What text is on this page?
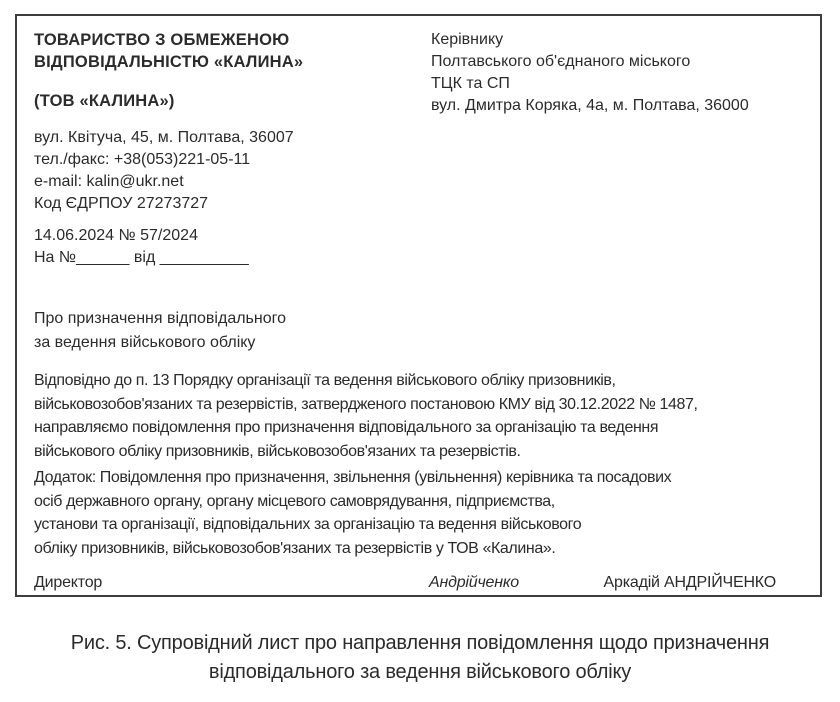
ТОВАРИСТВО З ОБМЕЖЕНОЮ
ВІДПОВІДАЛЬНІСТЮ «КАЛИНА»
(ТОВ «КАЛИНА»)
Керівнику
Полтавського об'єднаного міського
ТЦК та СП
вул. Дмитра Коряка, 4а, м. Полтава, 36000
вул. Квітуча, 45, м. Полтава, 36007
тел./факс: +38(053)221-05-11
e-mail: kalin@ukr.net
Код ЄДРПОУ 27273727
14.06.2024 № 57/2024
На №______ від __________
Про призначення відповідального
за ведення військового обліку
Відповідно до п. 13 Порядку організації та ведення військового обліку призовників,
військовозобов'язаних та резервістів, затвердженого постановою КМУ від 30.12.2022 № 1487,
направляємо повідомлення про призначення відповідального за організацію та ведення
військового обліку призовників, військовозобов'язаних та резервістів.
Додаток: Повідомлення про призначення, звільнення (увільнення) керівника та посадових
осіб державного органу, органу місцевого самоврядування, підприємства,
установи та організації, відповідальних за організацію та ведення військового
обліку призовників, військовозобов'язаних та резервістів у ТОВ «Калина».
Директор	Андрійченко	Аркадій АНДРІЙЧЕНКО
Рис. 5. Супровідний лист про направлення повідомлення щодо призначення
відповідального за ведення військового обліку
